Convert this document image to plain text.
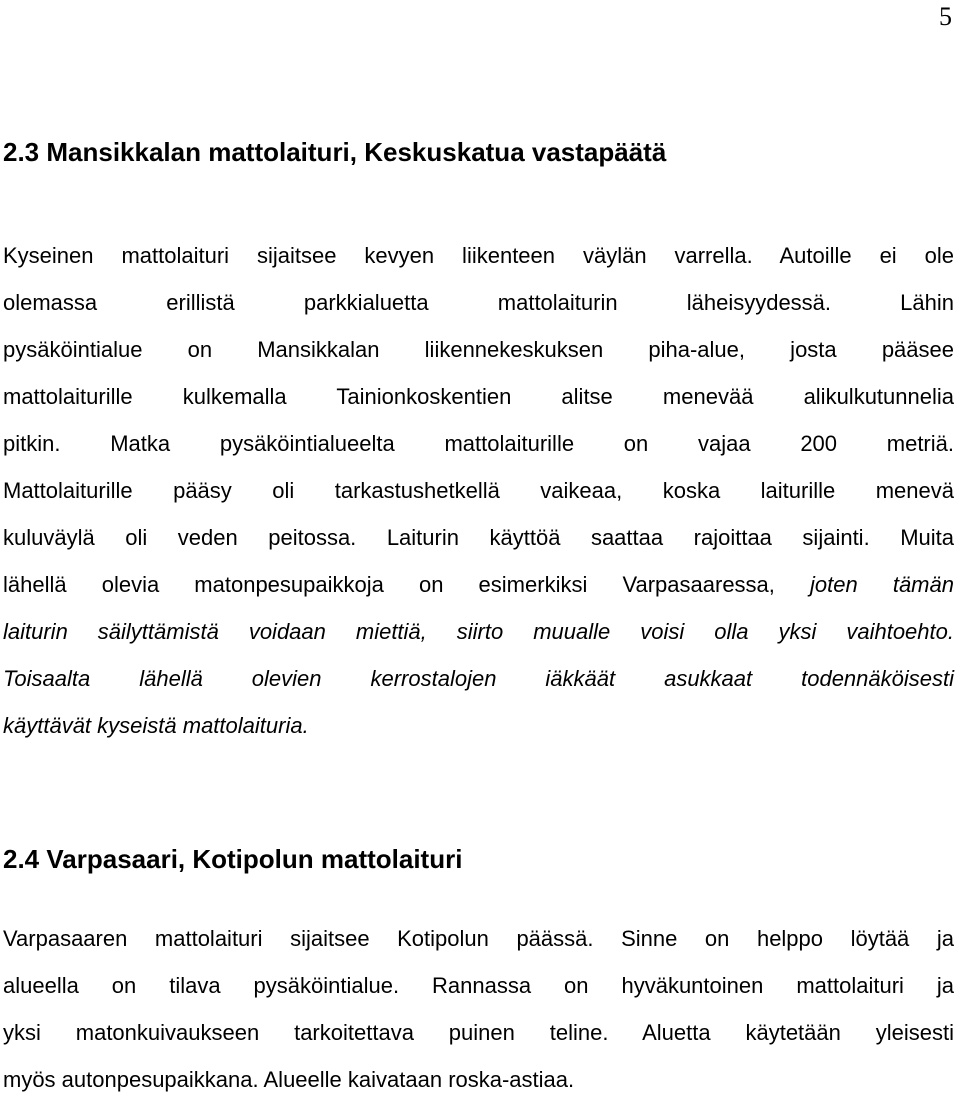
5
2.3 Mansikkalan mattolaituri, Keskuskatua vastapäätä
Kyseinen mattolaituri sijaitsee kevyen liikenteen väylän varrella. Autoille ei ole
olemassa erillistä parkkialuetta mattolaiturin läheisyydessä. Lähin
pysäköintialue on Mansikkalan liikennekeskuksen piha-alue, josta pääsee
mattolaiturille kulkemalla Tainionkoskentien alitse menevää alikulkutunnelia
pitkin. Matka pysäköintialueelta mattolaiturille on vajaa 200 metriä.
Mattolaiturille pääsy oli tarkastushetkellä vaikeaa, koska laiturille menevä
kuluväylä oli veden peitossa. Laiturin käyttöä saattaa rajoittaa sijainti. Muita
lähellä olevia matonpesupaikkoja on esimerkiksi Varpasaaressa, joten tämän
laiturin säilyttämistä voidaan miettiä, siirto muualle voisi olla yksi vaihtoehto.
Toisaalta lähellä olevien kerrostalojen iäkkäät asukkaat todennäköisesti
käyttävät kyseistä mattolaituria.
2.4 Varpasaari, Kotipolun mattolaituri
Varpasaaren mattolaituri sijaitsee Kotipolun päässä. Sinne on helppo löytää ja
alueella on tilava pysäköintialue. Rannassa on hyväkuntoinen mattolaituri ja
yksi matonkuivaukseen tarkoitettava puinen teline. Aluetta käytetään yleisesti
myös autonpesupaikkana. Alueelle kaivataan roska-astiaa.
